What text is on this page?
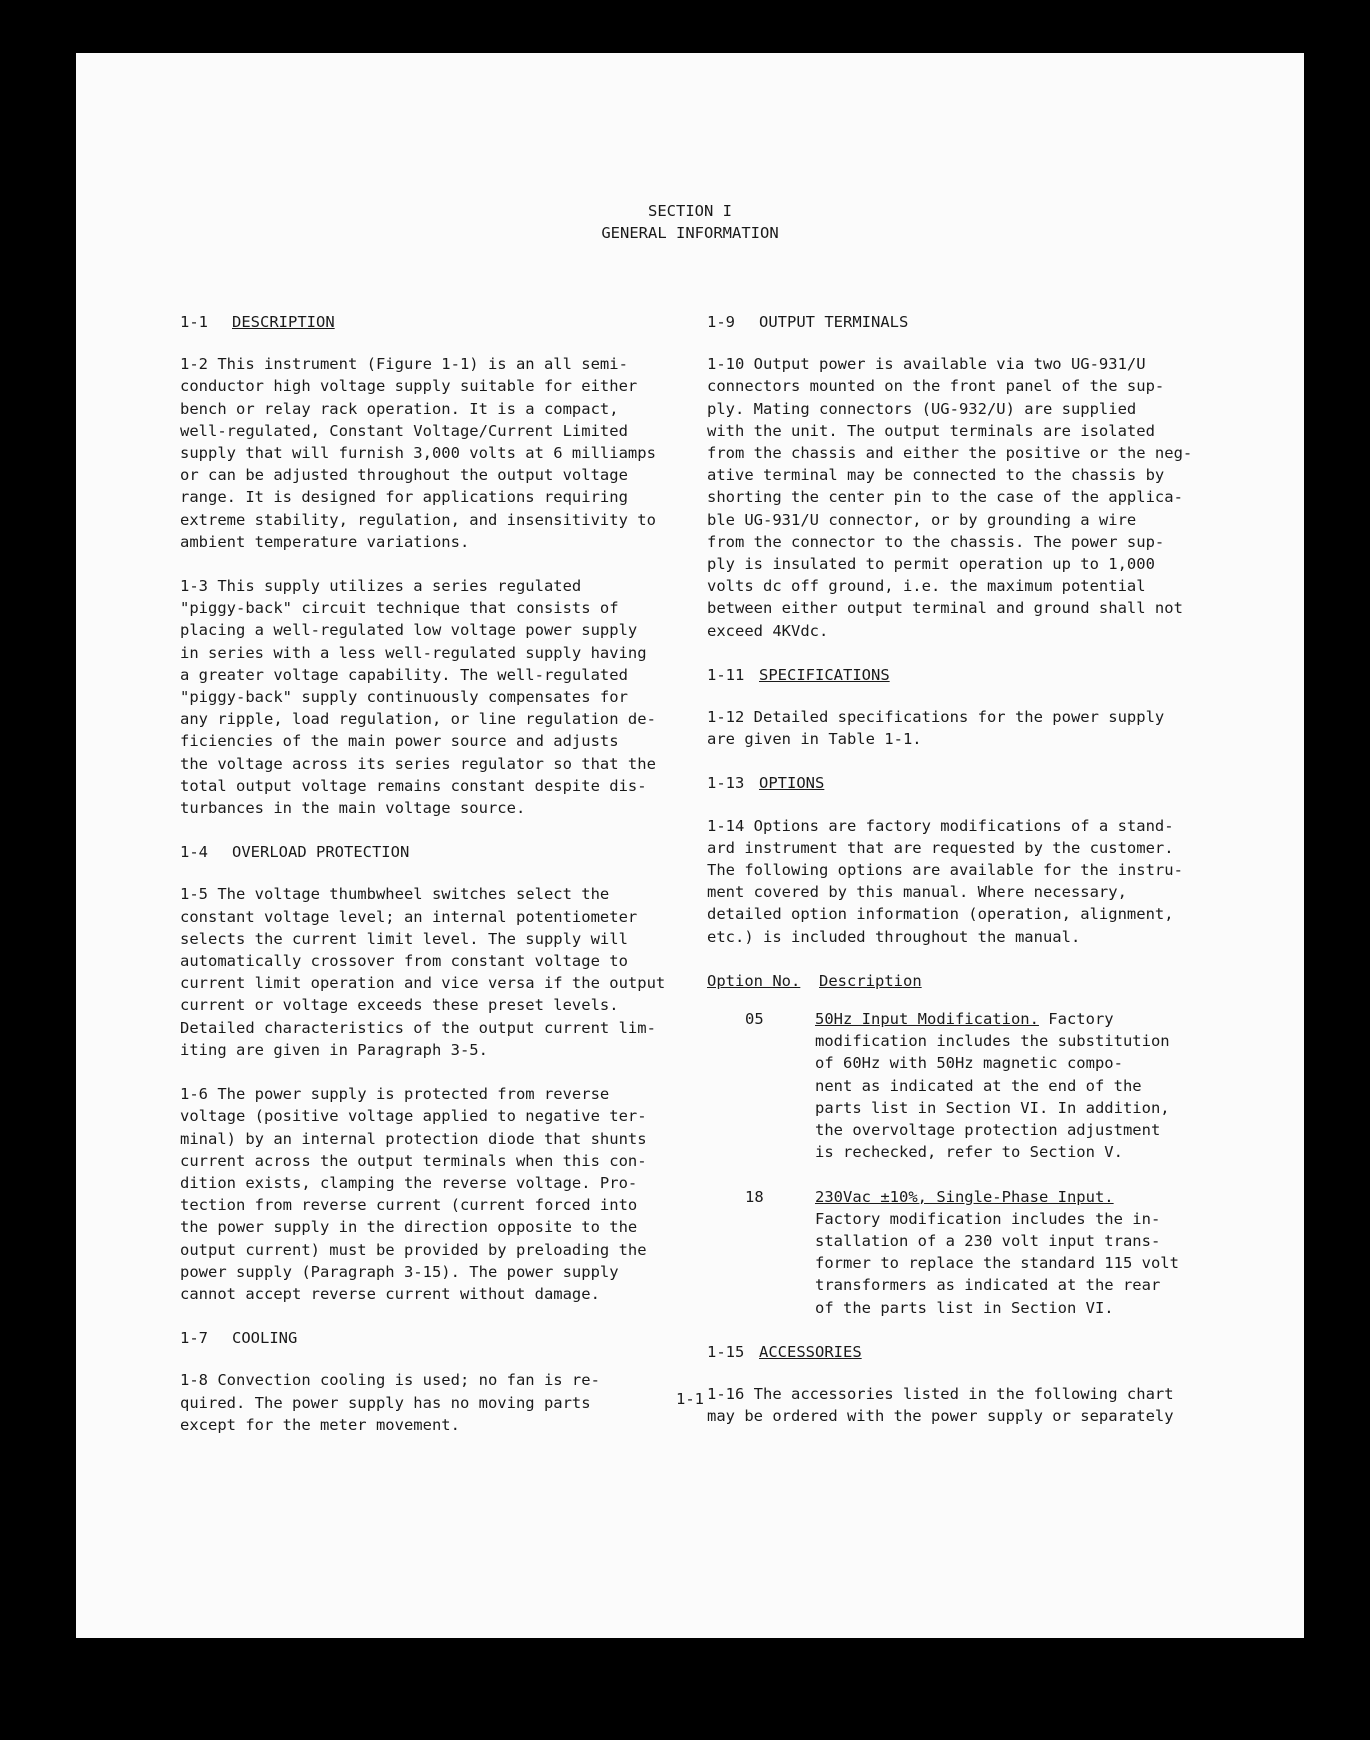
SECTION I
GENERAL INFORMATION
1-1 DESCRIPTION
1-2 This instrument (Figure 1-1) is an all semi-
conductor high voltage supply suitable for either
bench or relay rack operation. It is a compact,
well-regulated, Constant Voltage/Current Limited
supply that will furnish 3,000 volts at 6 milliamps
or can be adjusted throughout the output voltage
range. It is designed for applications requiring
extreme stability, regulation, and insensitivity to
ambient temperature variations.
1-3 This supply utilizes a series regulated
"piggy-back" circuit technique that consists of
placing a well-regulated low voltage power supply
in series with a less well-regulated supply having
a greater voltage capability. The well-regulated
"piggy-back" supply continuously compensates for
any ripple, load regulation, or line regulation de-
ficiencies of the main power source and adjusts
the voltage across its series regulator so that the
total output voltage remains constant despite dis-
turbances in the main voltage source.
1-4 OVERLOAD PROTECTION
1-5 The voltage thumbwheel switches select the
constant voltage level; an internal potentiometer
selects the current limit level. The supply will
automatically crossover from constant voltage to
current limit operation and vice versa if the output
current or voltage exceeds these preset levels.
Detailed characteristics of the output current lim-
iting are given in Paragraph 3-5.
1-6 The power supply is protected from reverse
voltage (positive voltage applied to negative ter-
minal) by an internal protection diode that shunts
current across the output terminals when this con-
dition exists, clamping the reverse voltage. Pro-
tection from reverse current (current forced into
the power supply in the direction opposite to the
output current) must be provided by preloading the
power supply (Paragraph 3-15). The power supply
cannot accept reverse current without damage.
1-7 COOLING
1-8 Convection cooling is used; no fan is re-
quired. The power supply has no moving parts
except for the meter movement.
1-9 OUTPUT TERMINALS
1-10 Output power is available via two UG-931/U
connectors mounted on the front panel of the sup-
ply. Mating connectors (UG-932/U) are supplied
with the unit. The output terminals are isolated
from the chassis and either the positive or the neg-
ative terminal may be connected to the chassis by
shorting the center pin to the case of the applica-
ble UG-931/U connector, or by grounding a wire
from the connector to the chassis. The power sup-
ply is insulated to permit operation up to 1,000
volts dc off ground, i.e. the maximum potential
between either output terminal and ground shall not
exceed 4KVdc.
1-11 SPECIFICATIONS
1-12 Detailed specifications for the power supply
are given in Table 1-1.
1-13 OPTIONS
1-14 Options are factory modifications of a stand-
ard instrument that are requested by the customer.
The following options are available for the instru-
ment covered by this manual. Where necessary,
detailed option information (operation, alignment,
etc.) is included throughout the manual.
Option No. Description
05	50Hz Input Modification. Factory
modification includes the substitution
of 60Hz with 50Hz magnetic compo-
nent as indicated at the end of the
parts list in Section VI. In addition,
the overvoltage protection adjustment
is rechecked, refer to Section V.
18	230Vac ±10%, Single-Phase Input.
Factory modification includes the in-
stallation of a 230 volt input trans-
former to replace the standard 115 volt
transformers as indicated at the rear
of the parts list in Section VI.
1-15 ACCESSORIES
1-16 The accessories listed in the following chart
may be ordered with the power supply or separately
1-1
